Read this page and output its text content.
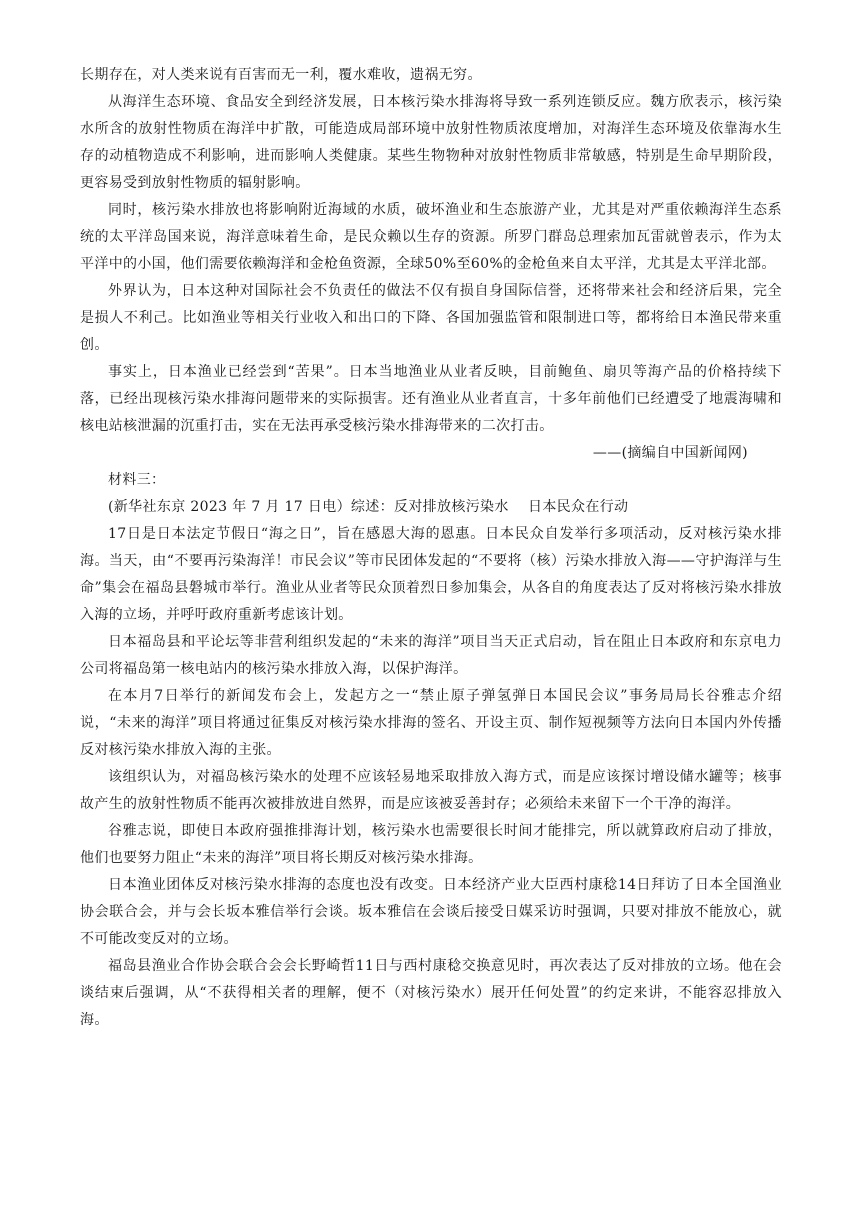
长期存在，对人类来说有百害而无一利，覆水难收，遗祸无穷。

从海洋生态环境、食品安全到经济发展，日本核污染水排海将导致一系列连锁反应。魏方欣表示，核污染水所含的放射性物质在海洋中扩散，可能造成局部环境中放射性物质浓度增加，对海洋生态环境及依靠海水生存的动植物造成不利影响，进而影响人类健康。某些生物物种对放射性物质非常敏感，特别是生命早期阶段，更容易受到放射性物质的辐射影响。

同时，核污染水排放也将影响附近海域的水质，破坏渔业和生态旅游产业，尤其是对严重依赖海洋生态系统的太平洋岛国来说，海洋意味着生命，是民众赖以生存的资源。所罗门群岛总理索加瓦雷就曾表示，作为太平洋中的小国，他们需要依赖海洋和金枪鱼资源，全球50%至60%的金枪鱼来自太平洋，尤其是太平洋北部。

外界认为，日本这种对国际社会不负责任的做法不仅有损自身国际信誉，还将带来社会和经济后果，完全是损人不利己。比如渔业等相关行业收入和出口的下降、各国加强监管和限制进口等，都将给日本渔民带来重创。

事实上，日本渔业已经尝到“苦果”。日本当地渔业从业者反映，目前鲍鱼、扇贝等海产品的价格持续下落，已经出现核污染水排海问题带来的实际损害。还有渔业从业者直言，十多年前他们已经遭受了地震海啸和核电站核泄漏的沉重打击，实在无法再承受核污染水排海带来的二次打击。

——(摘编自中国新闻网)

材料三：

(新华社东京 2023 年 7 月 17 日电）综述：反对排放核污染水    日本民众在行动

17日是日本法定节假日“海之日”，旨在感恩大海的恩惠。日本民众自发举行多项活动，反对核污染水排海。当天，由“不要再污染海洋！市民会议”等市民团体发起的“不要将（核）污染水排放入海——守护海洋与生命”集会在福岛县磐城市举行。渔业从业者等民众顶着烈日参加集会，从各自的角度表达了反对将核污染水排放入海的立场，并呼吁政府重新考虑该计划。

日本福岛县和平论坛等非营利组织发起的“未来的海洋”项目当天正式启动，旨在阻止日本政府和东京电力公司将福岛第一核电站内的核污染水排放入海，以保护海洋。

在本月7日举行的新闻发布会上，发起方之一“禁止原子弹氢弹日本国民会议”事务局局长谷雅志介绍说，“未来的海洋”项目将通过征集反对核污染水排海的签名、开设主页、制作短视频等方法向日本国内外传播反对核污染水排放入海的主张。

该组织认为，对福岛核污染水的处理不应该轻易地采取排放入海方式，而是应该探讨增设储水罐等；核事故产生的放射性物质不能再次被排放进自然界，而是应该被妥善封存；必须给未来留下一个干净的海洋。

谷雅志说，即使日本政府强推排海计划，核污染水也需要很长时间才能排完，所以就算政府启动了排放，他们也要努力阻止“未来的海洋”项目将长期反对核污染水排海。

日本渔业团体反对核污染水排海的态度也没有改变。日本经济产业大臣西村康稔14日拜访了日本全国渔业协会联合会，并与会长坂本雅信举行会谈。坂本雅信在会谈后接受日媒采访时强调，只要对排放不能放心，就不可能改变反对的立场。

福岛县渔业合作协会联合会会长野崎哲11日与西村康稔交换意见时，再次表达了反对排放的立场。他在会谈结束后强调，从“不获得相关者的理解，便不（对核污染水）展开任何处置”的约定来讲，不能容忍排放入海。
